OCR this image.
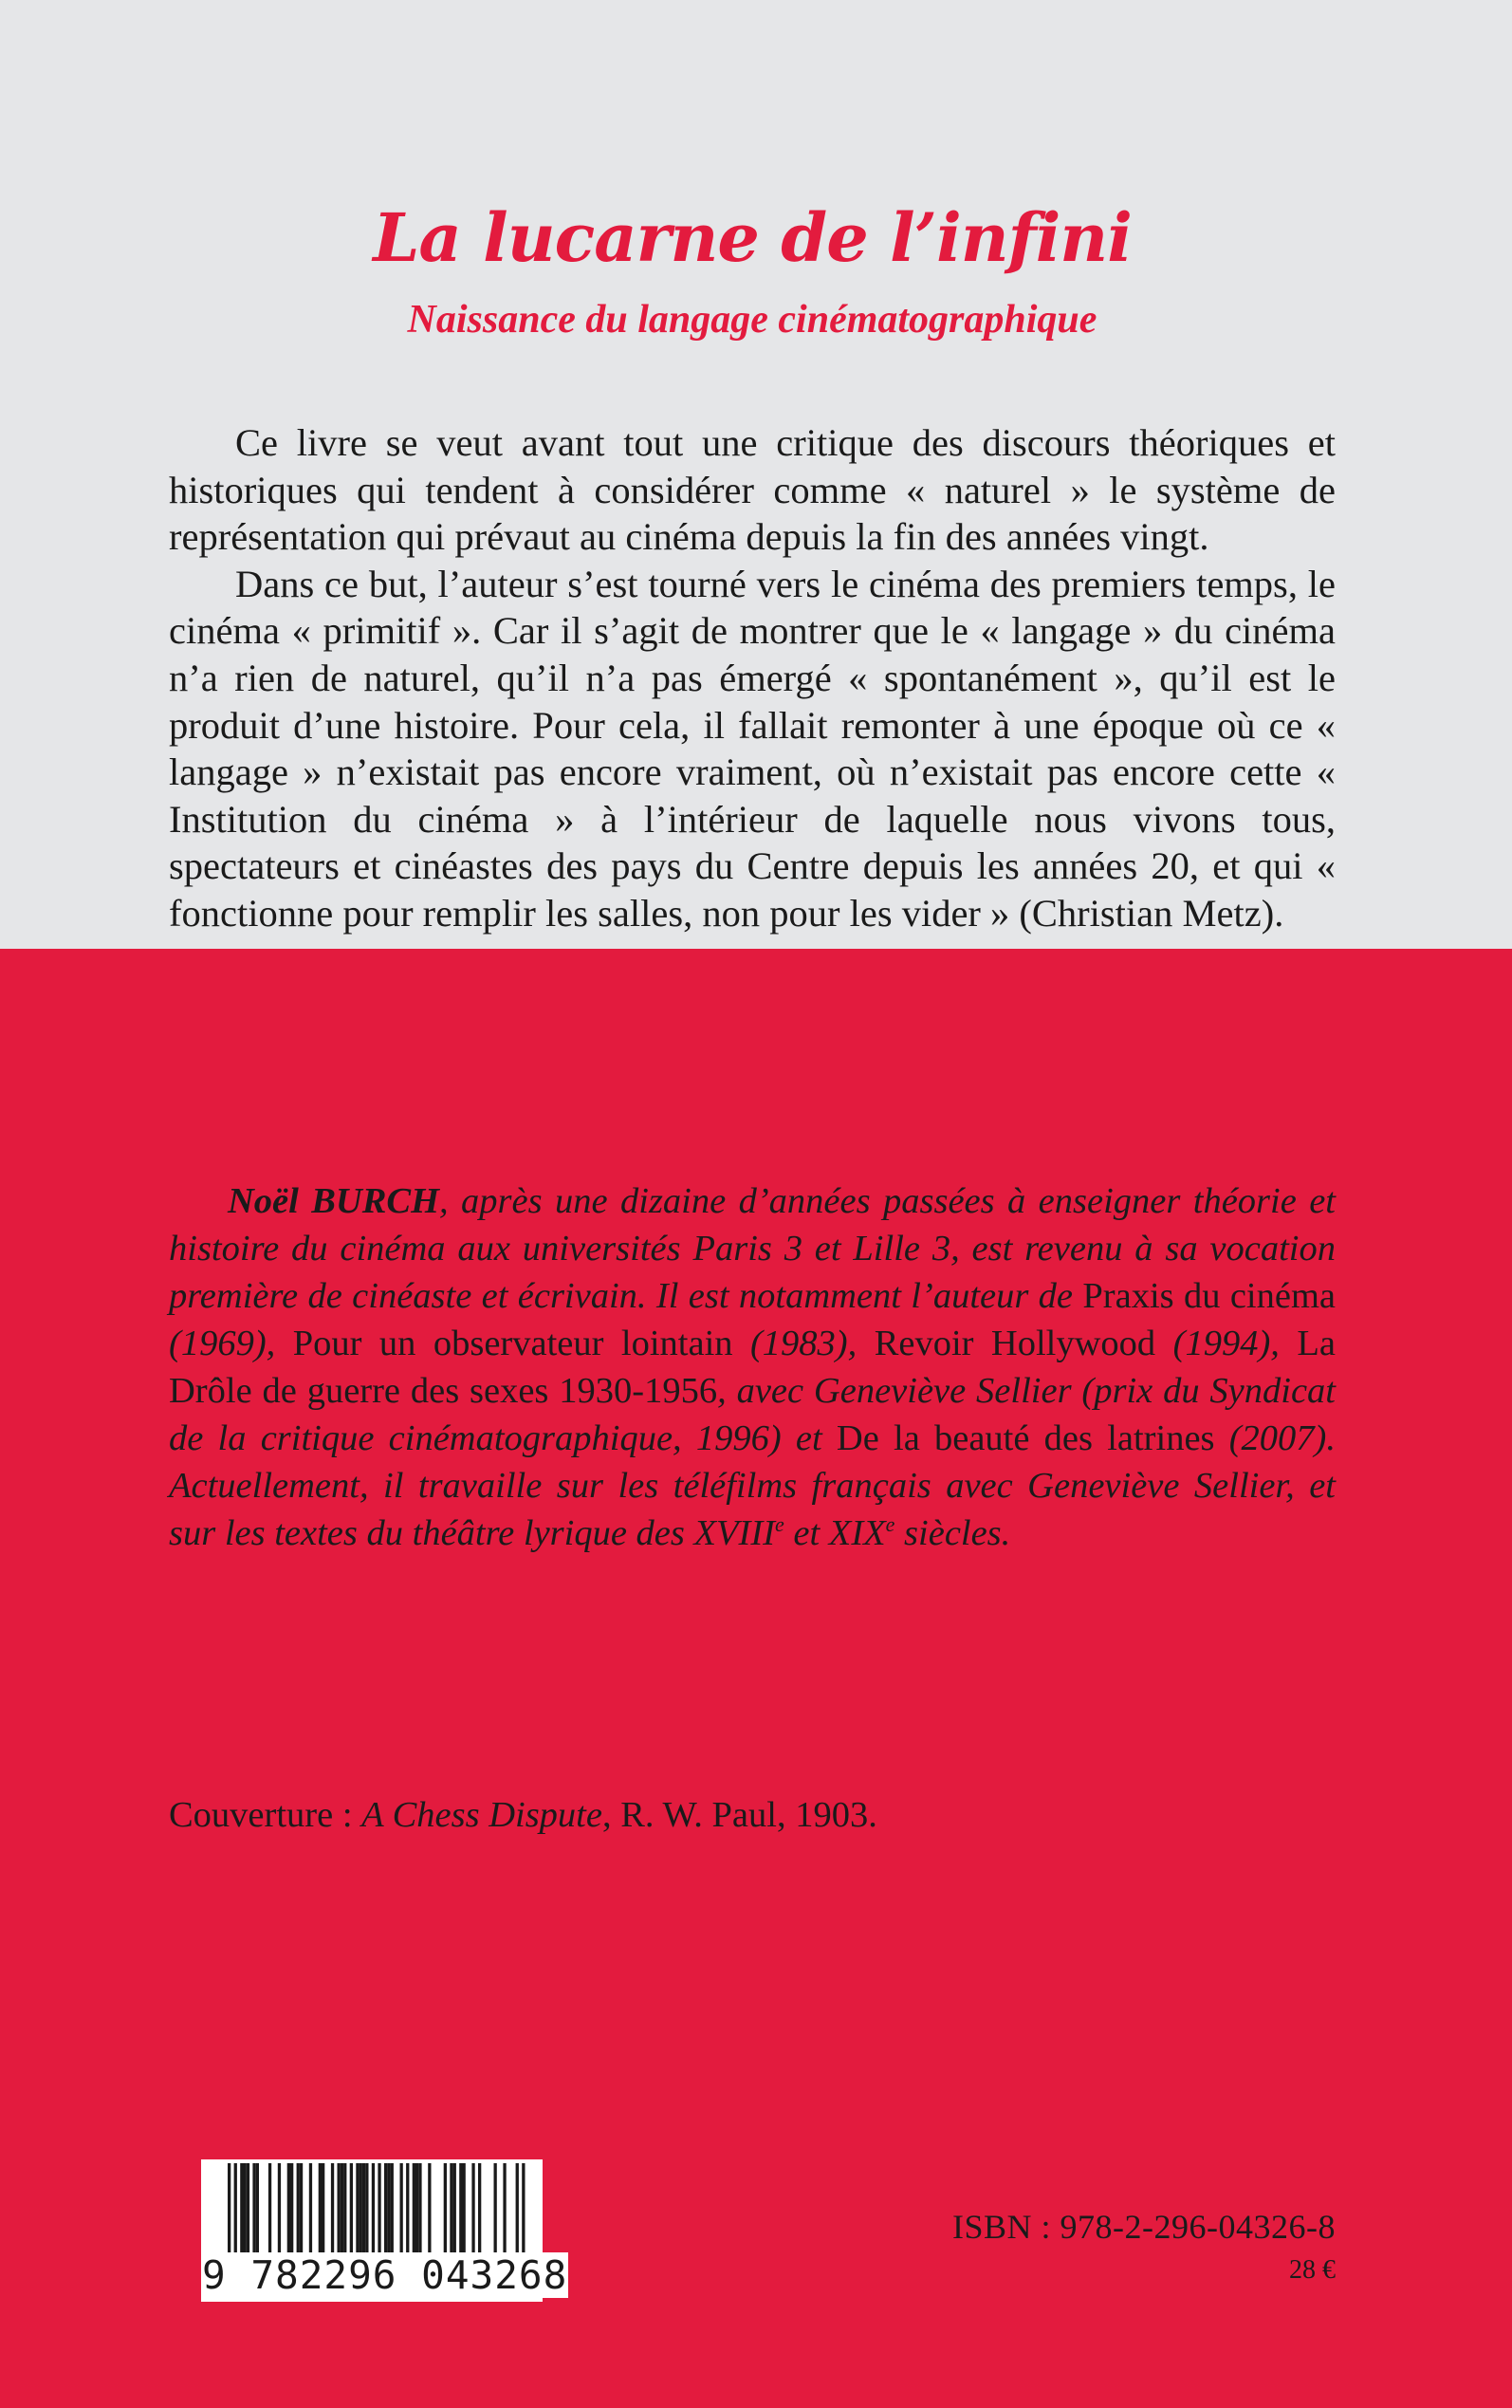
La lucarne de l’infini
Naissance du langage cinématographique

Ce livre se veut avant tout une critique des discours théoriques et historiques qui tendent à considérer comme « naturel » le système de représentation qui prévaut au cinéma depuis la fin des années vingt.

Dans ce but, l’auteur s’est tourné vers le cinéma des premiers temps, le cinéma « primitif ». Car il s’agit de montrer que le « langage » du cinéma n’a rien de naturel, qu’il n’a pas émergé « spontanément », qu’il est le produit d’une histoire. Pour cela, il fallait remonter à une époque où ce « langage » n’existait pas encore vraiment, où n’existait pas encore cette « Institution du cinéma » à l’intérieur de laquelle nous vivons tous, spectateurs et cinéastes des pays du Centre depuis les années 20, et qui « fonctionne pour remplir les salles, non pour les vider » (Christian Metz).

Noël BURCH, après une dizaine d’années passées à enseigner théorie et histoire du cinéma aux universités Paris 3 et Lille 3, est revenu à sa vocation première de cinéaste et écrivain. Il est notamment l’auteur de Praxis du cinéma (1969), Pour un observateur lointain (1983), Revoir Hollywood (1994), La Drôle de guerre des sexes 1930-1956, avec Geneviève Sellier (prix du Syndicat de la critique cinématographique, 1996) et De la beauté des latrines (2007). Actuellement, il travaille sur les téléfilms français avec Geneviève Sellier, et sur les textes du théâtre lyrique des XVIIIe et XIXe siècles.

Couverture : A Chess Dispute, R. W. Paul, 1903.
9 782296 043268
ISBN : 978-2-296-04326-8
28 €
